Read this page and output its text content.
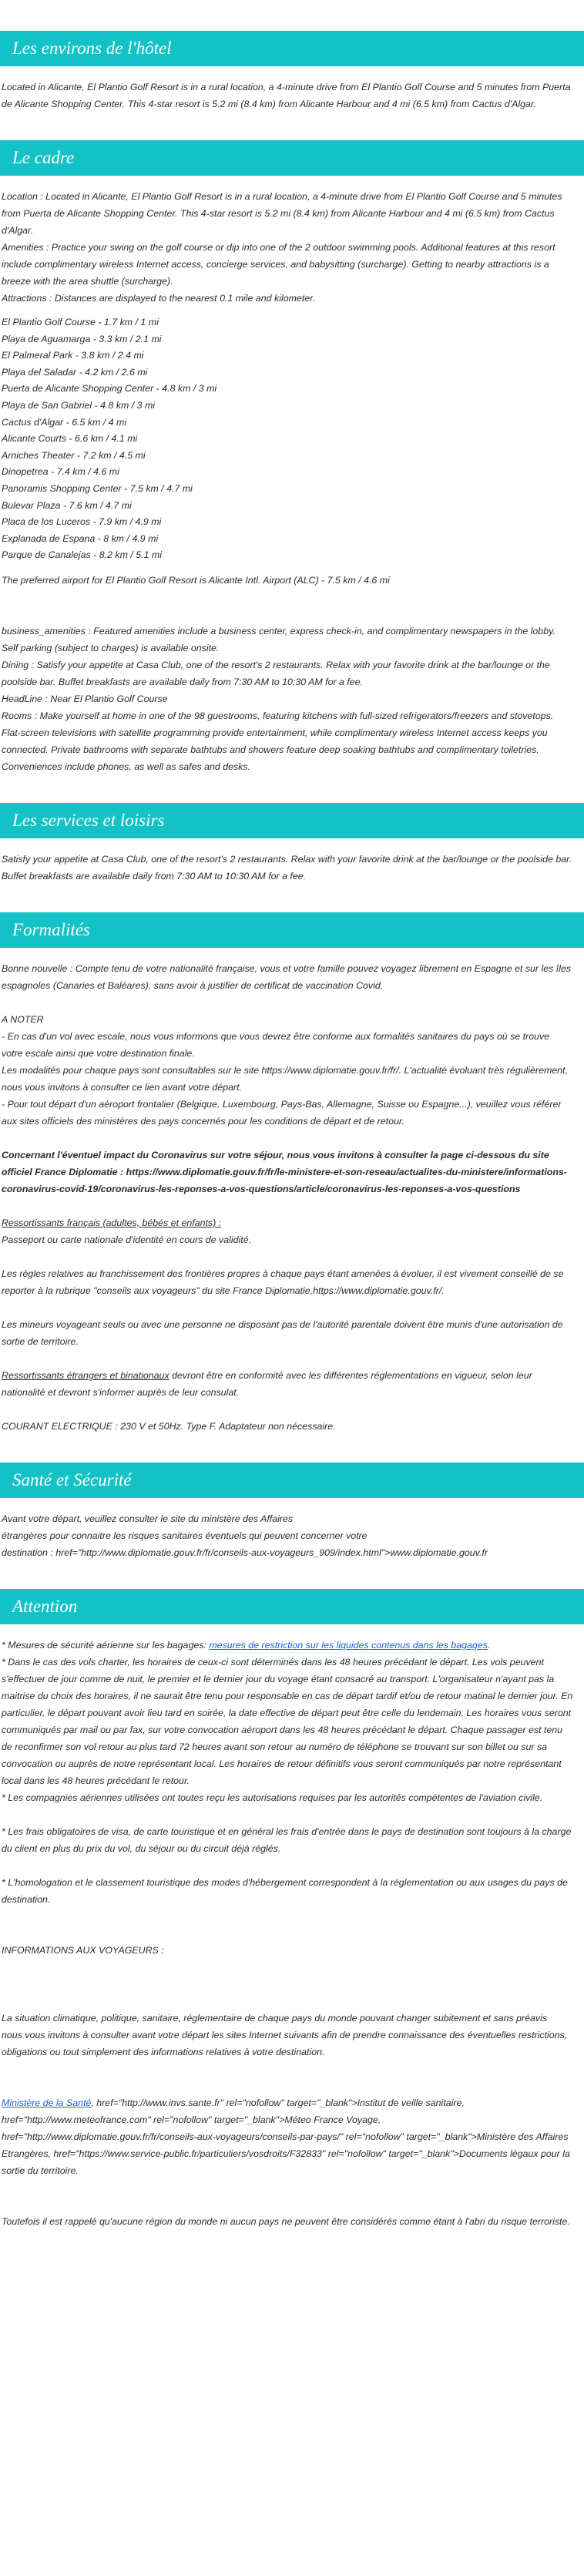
Les environs de l'hôtel

Located in Alicante, El Plantio Golf Resort is in a rural location, a 4-minute drive from El Plantio Golf Course and 5 minutes from Puerta de Alicante Shopping Center. This 4-star resort is 5.2 mi (8.4 km) from Alicante Harbour and 4 mi (6.5 km) from Cactus d'Algar.

Le cadre

Location : Located in Alicante, El Plantio Golf Resort is in a rural location, a 4-minute drive from El Plantio Golf Course and 5 minutes from Puerta de Alicante Shopping Center. This 4-star resort is 5.2 mi (8.4 km) from Alicante Harbour and 4 mi (6.5 km) from Cactus d'Algar.

Amenities : Practice your swing on the golf course or dip into one of the 2 outdoor swimming pools. Additional features at this resort include complimentary wireless Internet access, concierge services, and babysitting (surcharge). Getting to nearby attractions is a breeze with the area shuttle (surcharge).

Attractions : Distances are displayed to the nearest 0.1 mile and kilometer.

El Plantio Golf Course - 1.7 km / 1 mi

Playa de Aguamarga - 3.3 km / 2.1 mi

El Palmeral Park - 3.8 km / 2.4 mi

Playa del Saladar - 4.2 km / 2.6 mi

Puerta de Alicante Shopping Center - 4.8 km / 3 mi

Playa de San Gabriel - 4.8 km / 3 mi

Cactus d'Algar - 6.5 km / 4 mi

Alicante Courts - 6.6 km / 4.1 mi

Arniches Theater - 7.2 km / 4.5 mi

Dinopetrea - 7.4 km / 4.6 mi

Panoramis Shopping Center - 7.5 km / 4.7 mi

Bulevar Plaza - 7.6 km / 4.7 mi

Placa de los Luceros - 7.9 km / 4.9 mi

Explanada de Espana - 8 km / 4.9 mi

Parque de Canalejas - 8.2 km / 5.1 mi

The preferred airport for El Plantio Golf Resort is Alicante Intl. Airport (ALC) - 7.5 km / 4.6 mi

business_amenities : Featured amenities include a business center, express check-in, and complimentary newspapers in the lobby. Self parking (subject to charges) is available onsite.

Dining : Satisfy your appetite at Casa Club, one of the resort's 2 restaurants. Relax with your favorite drink at the bar/lounge or the poolside bar. Buffet breakfasts are available daily from 7:30 AM to 10:30 AM for a fee.

HeadLine : Near El Plantio Golf Course

Rooms : Make yourself at home in one of the 98 guestrooms, featuring kitchens with full-sized refrigerators/freezers and stovetops. Flat-screen televisions with satellite programming provide entertainment, while complimentary wireless Internet access keeps you connected. Private bathrooms with separate bathtubs and showers feature deep soaking bathtubs and complimentary toiletries. Conveniences include phones, as well as safes and desks.

Les services et loisirs

Satisfy your appetite at Casa Club, one of the resort's 2 restaurants. Relax with your favorite drink at the bar/lounge or the poolside bar. Buffet breakfasts are available daily from 7:30 AM to 10:30 AM for a fee.

Formalités

Bonne nouvelle : Compte tenu de votre nationalité française, vous et votre famille pouvez voyagez librement en Espagne et sur les îles espagnoles (Canaries et Baléares), sans avoir à justifier de certificat de vaccination Covid.

A NOTER

- En cas d'un vol avec escale, nous vous informons que vous devrez être conforme aux formalités sanitaires du pays où se trouve votre escale ainsi que votre destination finale.

Les modalités pour chaque pays sont consultables sur le site https://www.diplomatie.gouv.fr/fr/. L'actualité évoluant très régulièrement, nous vous invitons à consulter ce lien avant votre départ.

- Pour tout départ d'un aéroport frontalier (Belgique, Luxembourg, Pays-Bas, Allemagne, Suisse ou Espagne...), veuillez vous référer aux sites officiels des ministères des pays concernés pour les conditions de départ et de retour.

Concernant l'éventuel impact du Coronavirus sur votre séjour, nous vous invitons à consulter la page ci-dessous du site officiel France Diplomatie : https://www.diplomatie.gouv.fr/fr/le-ministere-et-son-reseau/actualites-du-ministere/informations-coronavirus-covid-19/coronavirus-les-reponses-a-vos-questions/article/coronavirus-les-reponses-a-vos-questions

Ressortissants français (adultes, bébés et enfants) :

Passeport ou carte nationale d'identité en cours de validité.

Les règles relatives au franchissement des frontières propres à chaque pays étant amenées à évoluer, il est vivement conseillé de se reporter à la rubrique "conseils aux voyageurs" du site France Diplomatie,https://www.diplomatie.gouv.fr/.

Les mineurs voyageant seuls ou avec une personne ne disposant pas de l'autorité parentale doivent être munis d'une autorisation de sortie de territoire.

Ressortissants étrangers et binationaux devront être en conformité avec les différentes réglementations en vigueur, selon leur nationalité et devront s'informer auprès de leur consulat.

COURANT ELECTRIQUE : 230 V et 50Hz. Type F. Adaptateur non nécessaire.

Santé et Sécurité

Avant votre départ, veuillez consulter le site du ministère des Affaires

étrangères pour connaitre les risques sanitaires éventuels qui peuvent concerner votre

destination : href="http://www.diplomatie.gouv.fr/fr/conseils-aux-voyageurs_909/index.html">www.diplomatie.gouv.fr

Attention

* Mesures de sécurité aérienne sur les bagages: mesures de restriction sur les liquides contenus dans les bagages.

* Dans le cas des vols charter, les horaires de ceux-ci sont déterminés dans les 48 heures précédant le départ. Les vols peuvent s'effectuer de jour comme de nuit, le premier et le dernier jour du voyage étant consacré au transport. L'organisateur n'ayant pas la maitrise du choix des horaires, il ne saurait être tenu pour responsable en cas de départ tardif et/ou de retour matinal le dernier jour. En particulier, le départ pouvant avoir lieu tard en soirée, la date effective de départ peut être celle du lendemain. Les horaires vous seront communiqués par mail ou par fax, sur votre convocation aéroport dans les 48 heures précédant le départ. Chaque passager est tenu de reconfirmer son vol retour au plus tard 72 heures avant son retour au numéro de téléphone se trouvant sur son billet ou sur sa convocation ou auprès de notre représentant local. Les horaires de retour définitifs vous seront communiqués par notre représentant local dans les 48 heures précédant le retour.

* Les compagnies aériennes utilisées ont toutes reçu les autorisations requises par les autorités compétentes de l'aviation civile.

* Les frais obligatoires de visa, de carte touristique et en général les frais d'entrée dans le pays de destination sont toujours à la charge du client en plus du prix du vol, du séjour ou du circuit déjà réglés.

* L'homologation et le classement touristique des modes d'hébergement correspondent à la réglementation ou aux usages du pays de destination.

INFORMATIONS AUX VOYAGEURS :

La situation climatique, politique, sanitaire, réglementaire de chaque pays du monde pouvant changer subitement et sans préavis

nous vous invitons à consulter avant votre départ les sites Internet suivants afin de prendre connaissance des éventuelles restrictions, obligations ou tout simplement des informations relatives à votre destination.

Ministère de la Santé, href="http://www.invs.sante.fr" rel="nofollow" target="_blank">Institut de veille sanitaire, href="http://www.meteofrance.com" rel="nofollow" target="_blank">Méteo France Voyage, href="http://www.diplomatie.gouv.fr/fr/conseils-aux-voyageurs/conseils-par-pays/" rel="nofollow" target="_blank">Ministère des Affaires Etrangères, href="https://www.service-public.fr/particuliers/vosdroits/F32833" rel="nofollow" target="_blank">Documents légaux pour la sortie du territoire.

Toutefois il est rappelé qu'aucune région du monde ni aucun pays ne peuvent être considérés comme étant à l'abri du risque terroriste.
